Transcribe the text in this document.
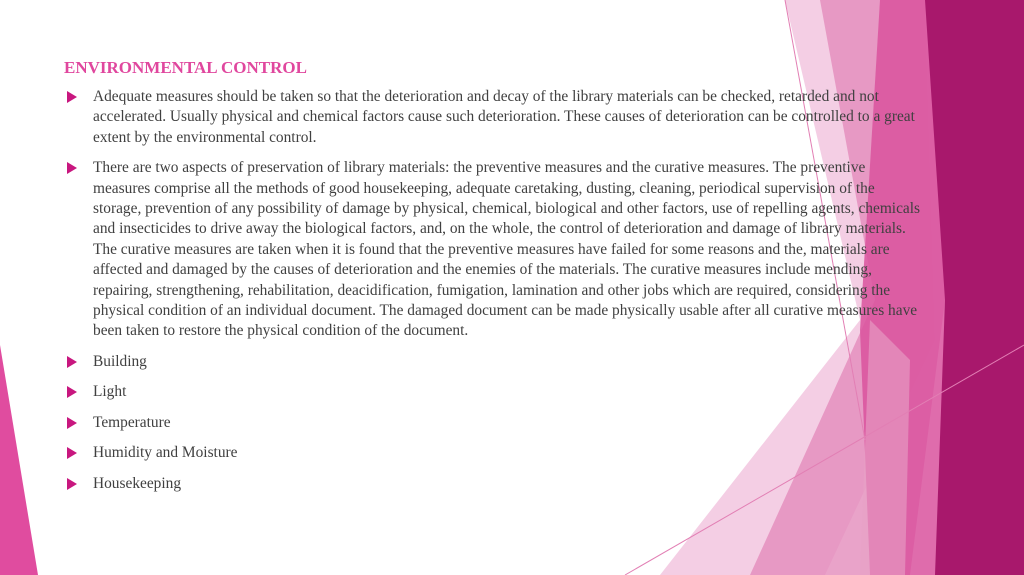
ENVIRONMENTAL CONTROL
Adequate measures should be taken so that the deterioration and decay of the library materials can be checked, retarded and not accelerated. Usually physical and chemical factors cause such deterioration. These causes of deterioration can be controlled to a great extent by the environmental control.
There are two aspects of preservation of library materials: the preventive measures and the curative measures. The preventive measures comprise all the methods of good housekeeping, adequate caretaking, dusting, cleaning, periodical supervision of the storage, prevention of any possibility of damage by physical, chemical, biological and other factors, use of repelling agents, chemicals and insecticides to drive away the biological factors, and, on the whole, the control of deterioration and damage of library materials. The curative measures are taken when it is found that the preventive measures have failed for some reasons and the, materials are affected and damaged by the causes of deterioration and the enemies of the materials. The curative measures include mending, repairing, strengthening, rehabilitation, deacidification, fumigation, lamination and other jobs which are required, considering the physical condition of an individual document. The damaged document can be made physically usable after all curative measures have been taken to restore the physical condition of the document.
Building
Light
Temperature
Humidity and Moisture
Housekeeping
